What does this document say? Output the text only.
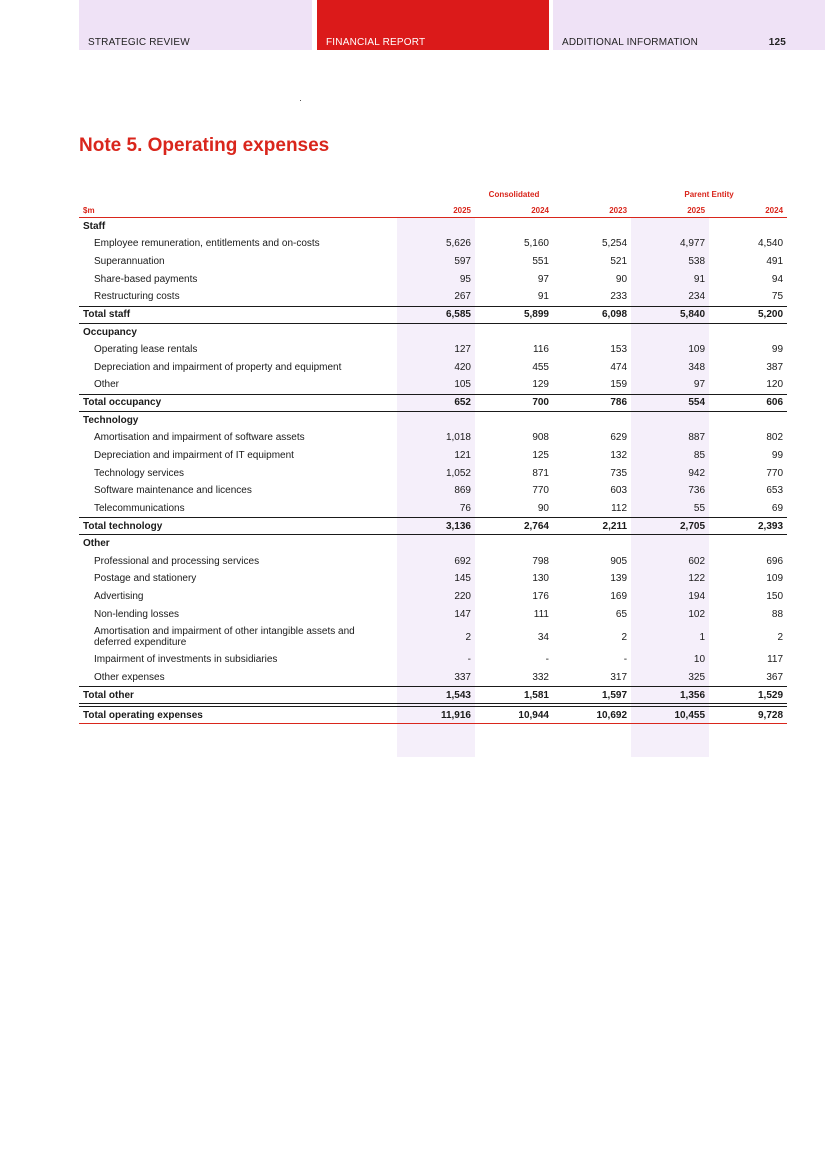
STRATEGIC REVIEW	FINANCIAL REPORT	ADDITIONAL INFORMATION	125
Note 5. Operating expenses
	Consolidated			Parent Entity	
$m	2025	2024	2023	2025	2024
Staff					
Employee remuneration, entitlements and on-costs	5,626	5,160	5,254	4,977	4,540
Superannuation	597	551	521	538	491
Share-based payments	95	97	90	91	94
Restructuring costs	267	91	233	234	75
Total staff	6,585	5,899	6,098	5,840	5,200
Occupancy					
Operating lease rentals	127	116	153	109	99
Depreciation and impairment of property and equipment	420	455	474	348	387
Other	105	129	159	97	120
Total occupancy	652	700	786	554	606
Technology					
Amortisation and impairment of software assets	1,018	908	629	887	802
Depreciation and impairment of IT equipment	121	125	132	85	99
Technology services	1,052	871	735	942	770
Software maintenance and licences	869	770	603	736	653
Telecommunications	76	90	112	55	69
Total technology	3,136	2,764	2,211	2,705	2,393
Other					
Professional and processing services	692	798	905	602	696
Postage and stationery	145	130	139	122	109
Advertising	220	176	169	194	150
Non-lending losses	147	111	65	102	88
Amortisation and impairment of other intangible assets and deferred expenditure	2	34	2	1	2
Impairment of investments in subsidiaries	-	-	-	10	117
Other expenses	337	332	317	325	367
Total other	1,543	1,581	1,597	1,356	1,529

Total operating expenses	11,916	10,944	10,692	10,455	9,728
